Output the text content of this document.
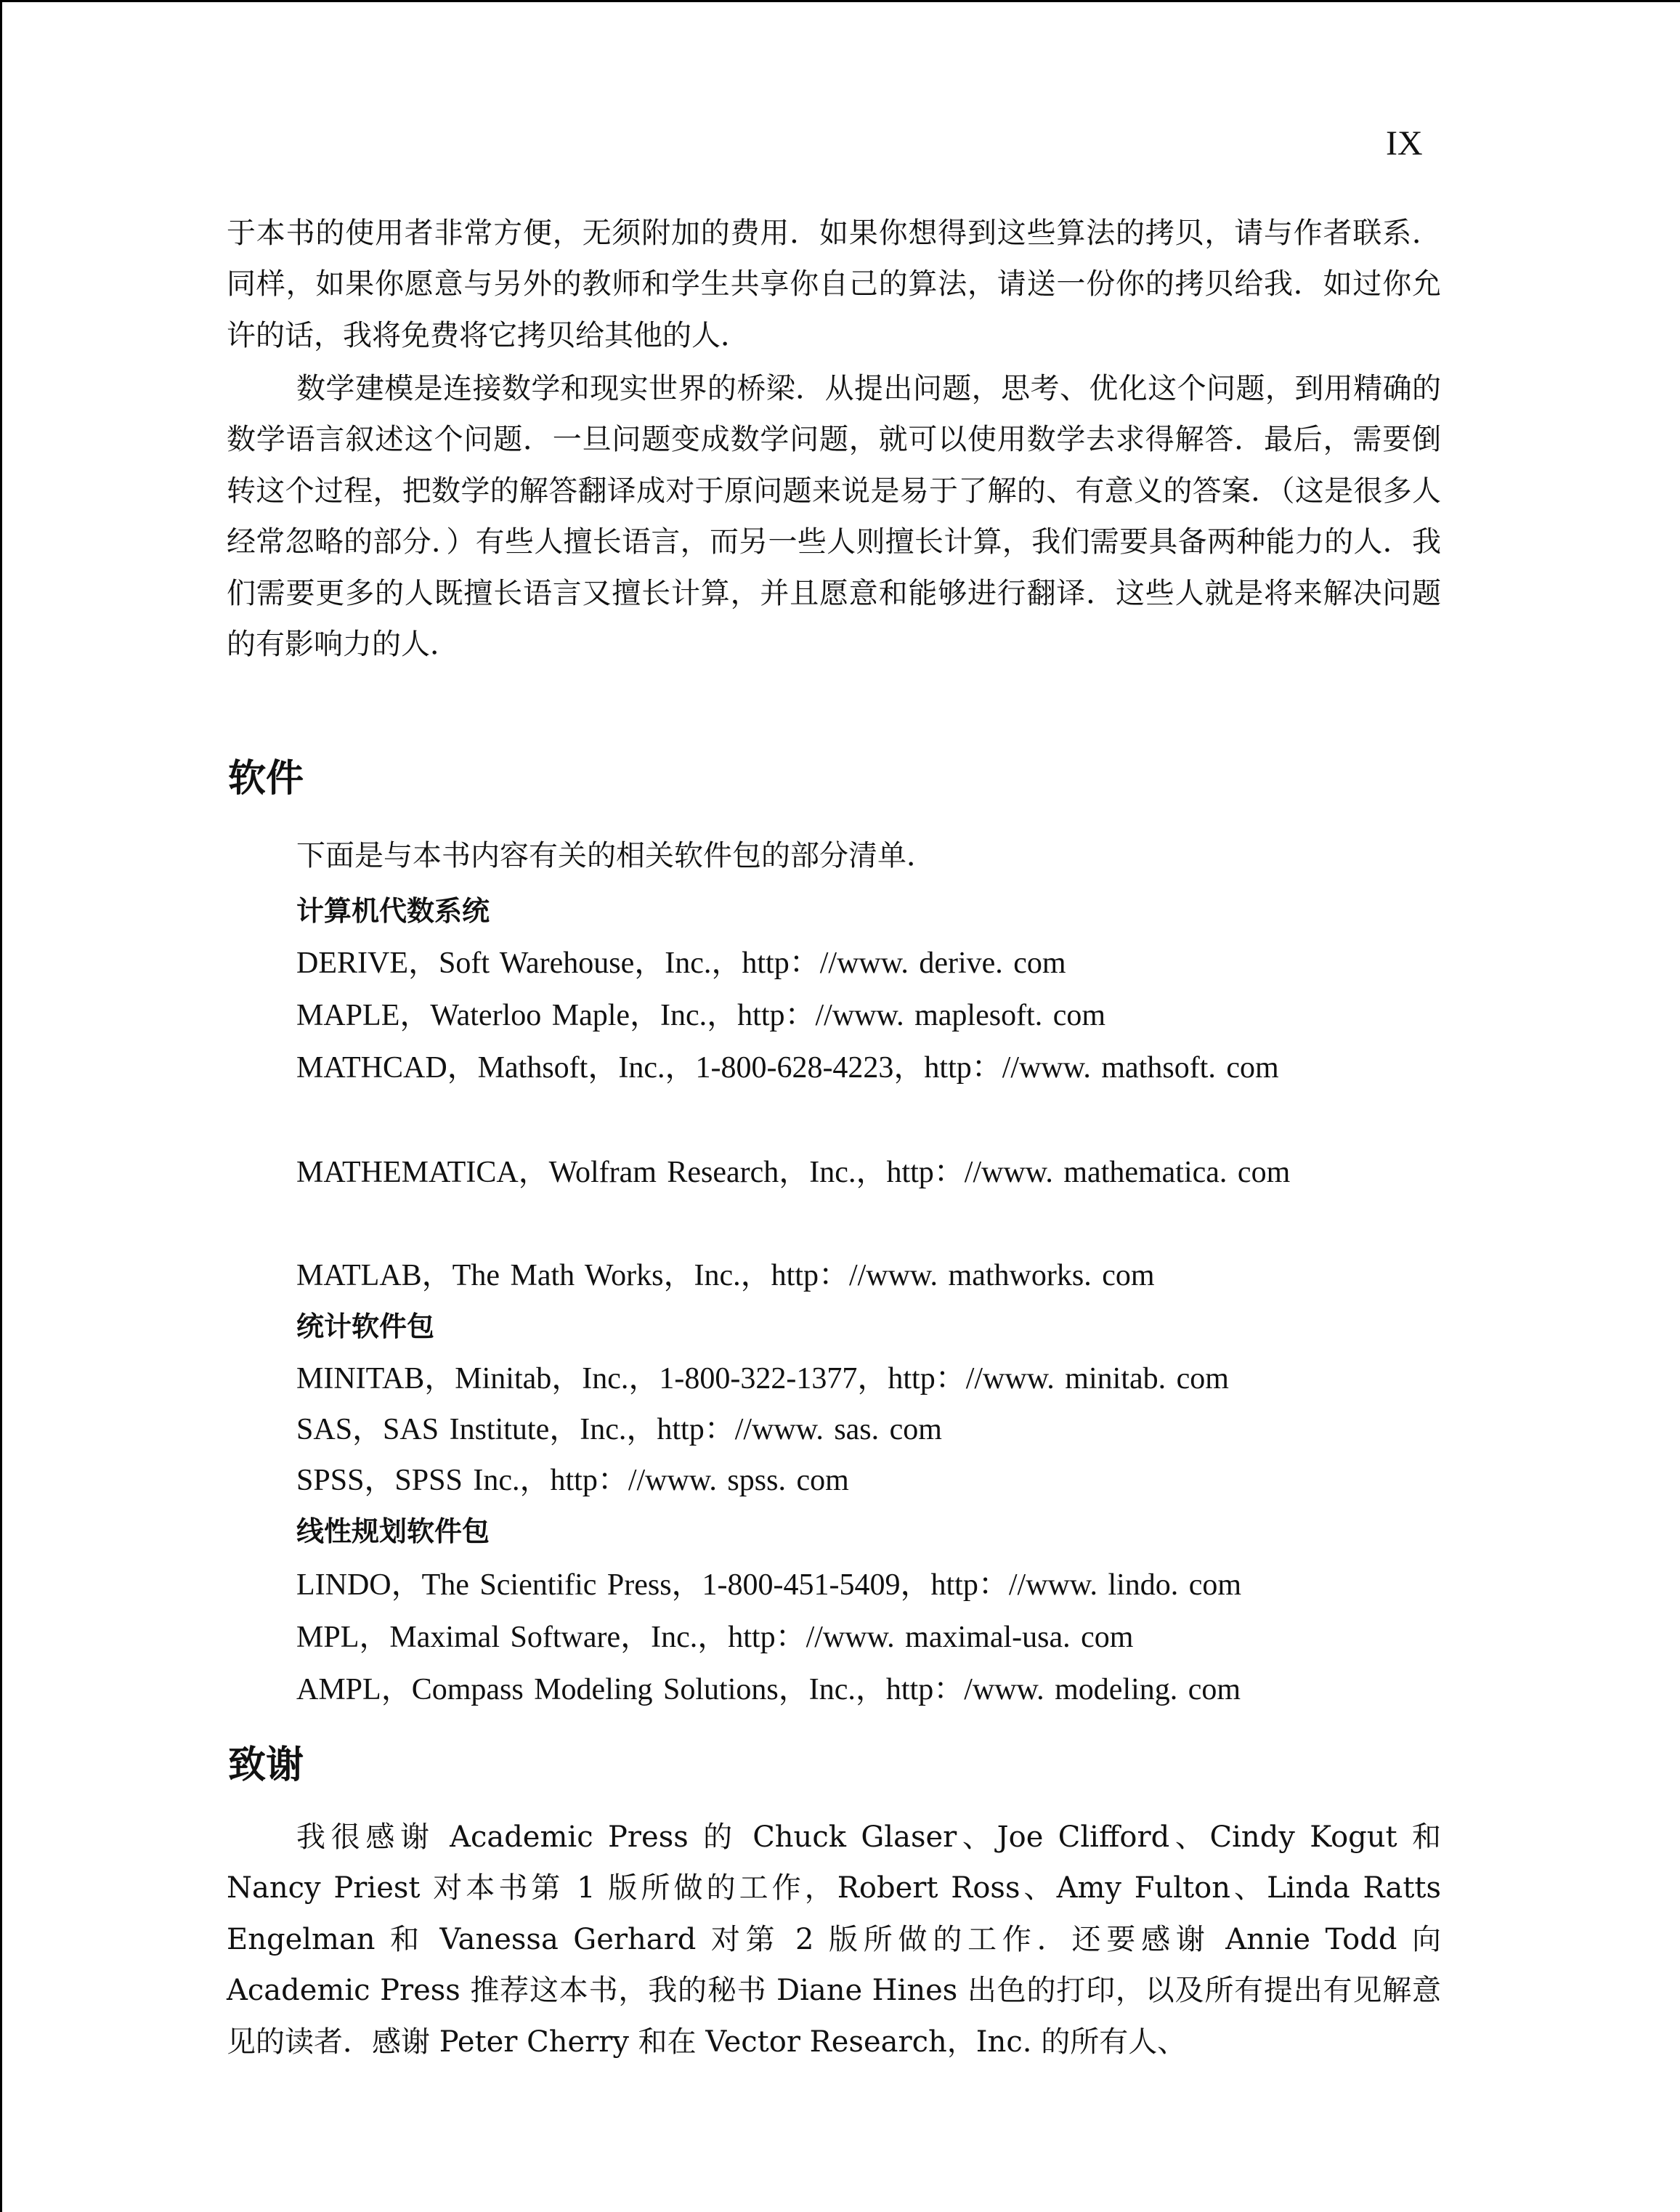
IX

于本书的使用者非常方便，无须附加的费用．如果你想得到这些算法的拷贝，请与作者联系．同样，如果你愿意与另外的教师和学生共享你自己的算法，请送一份你的拷贝给我．如过你允许的话，我将免费将它拷贝给其他的人．

数学建模是连接数学和现实世界的桥梁．从提出问题，思考、优化这个问题，到用精确的数学语言叙述这个问题．一旦问题变成数学问题，就可以使用数学去求得解答．最后，需要倒转这个过程，把数学的解答翻译成对于原问题来说是易于了解的、有意义的答案．（这是很多人经常忽略的部分．）有些人擅长语言，而另一些人则擅长计算，我们需要具备两种能力的人．我们需要更多的人既擅长语言又擅长计算，并且愿意和能够进行翻译．这些人就是将来解决问题的有影响力的人．

软件

下面是与本书内容有关的相关软件包的部分清单．

计算机代数系统

DERIVE，Soft Warehouse，Inc.，http：//www. derive. com

MAPLE，Waterloo Maple，Inc.，http：//www. maplesoft. com

MATHCAD，Mathsoft，Inc.，1-800-628-4223，http：//www. mathsoft. com

MATHEMATICA，Wolfram Research，Inc.，http：//www. mathematica. com

MATLAB，The Math Works，Inc.，http：//www. mathworks. com

统计软件包

MINITAB，Minitab，Inc.，1-800-322-1377，http：//www. minitab. com

SAS，SAS Institute，Inc.，http：//www. sas. com

SPSS，SPSS Inc.，http：//www. spss. com

线性规划软件包

LINDO，The Scientific Press，1-800-451-5409，http：//www. lindo. com

MPL，Maximal Software，Inc.，http：//www. maximal-usa. com

AMPL，Compass Modeling Solutions，Inc.，http：/www. modeling. com

致谢

我很感谢 Academic Press 的 Chuck Glaser、Joe Clifford、Cindy Kogut 和 Nancy Priest 对本书第 1 版所做的工作，Robert Ross、Amy Fulton、Linda Ratts Engelman 和 Vanessa Gerhard 对第 2 版所做的工作．还要感谢 Annie Todd 向 Academic Press 推荐这本书，我的秘书 Diane Hines 出色的打印，以及所有提出有见解意见的读者．感谢 Peter Cherry 和在 Vector Research，Inc. 的所有人、
